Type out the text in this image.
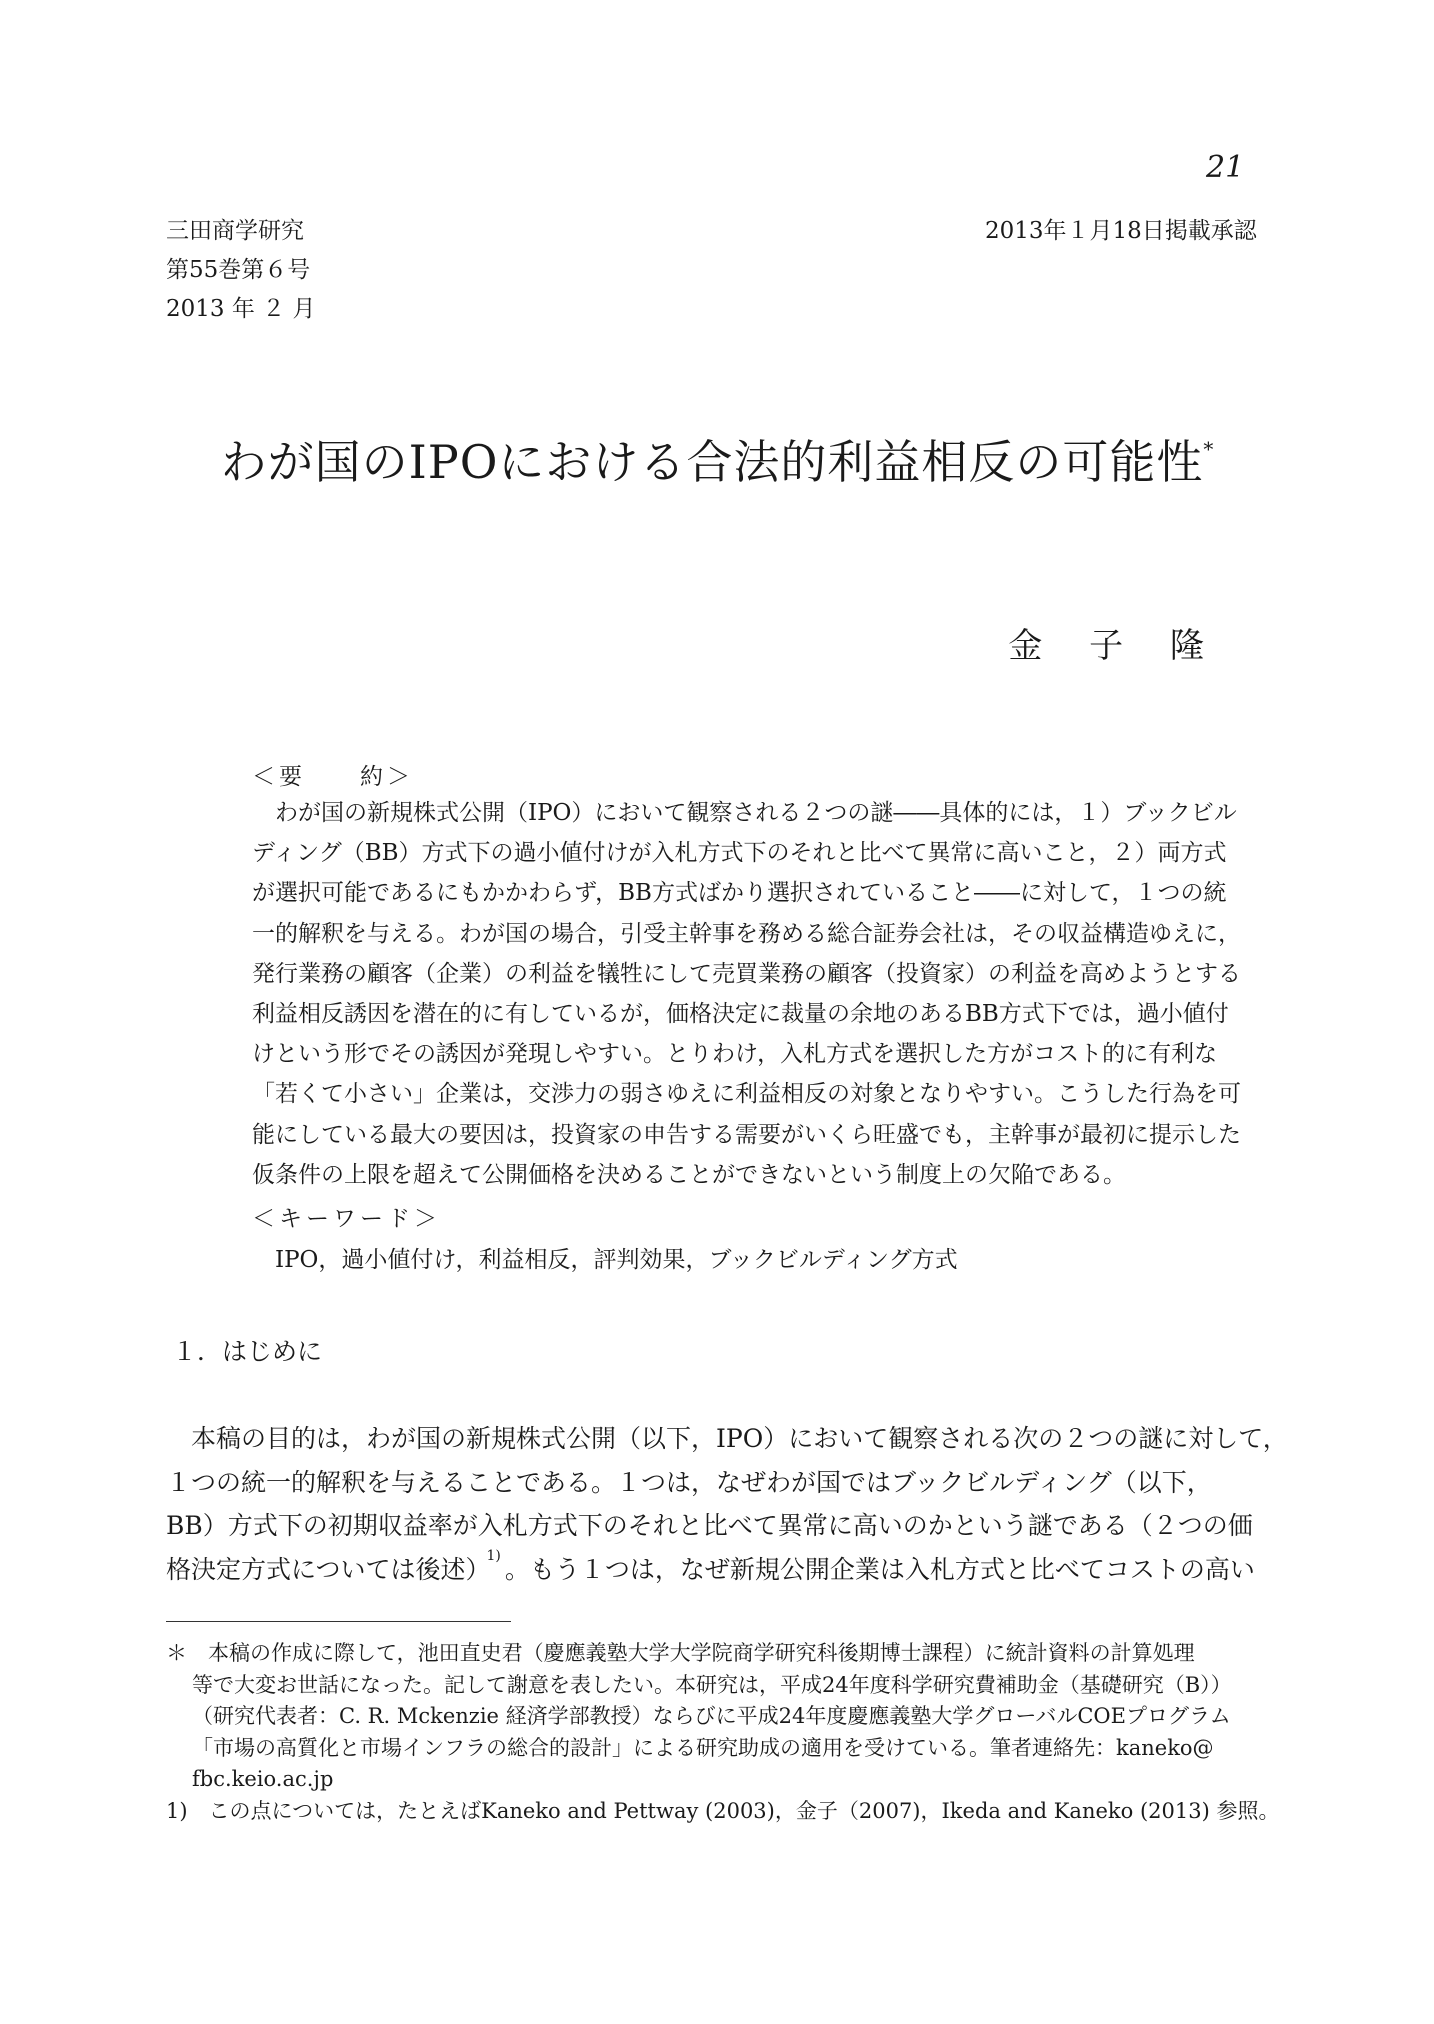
21
三田商学研究
第55巻第６号
2013 年 ２ 月
2013年１月18日掲載承認
わが国のIPOにおける合法的利益相反の可能性*
金 子 隆
＜要　　約＞
わが国の新規株式公開（IPO）において観察される２つの謎――具体的には，１）ブックビル
ディング（BB）方式下の過小値付けが入札方式下のそれと比べて異常に高いこと，２）両方式
が選択可能であるにもかかわらず，BB方式ばかり選択されていること――に対して，１つの統
一的解釈を与える。わが国の場合，引受主幹事を務める総合証券会社は，その収益構造ゆえに，
発行業務の顧客（企業）の利益を犠牲にして売買業務の顧客（投資家）の利益を高めようとする
利益相反誘因を潜在的に有しているが，価格決定に裁量の余地のあるBB方式下では，過小値付
けという形でその誘因が発現しやすい。とりわけ，入札方式を選択した方がコスト的に有利な
「若くて小さい」企業は，交渉力の弱さゆえに利益相反の対象となりやすい。こうした行為を可
能にしている最大の要因は，投資家の申告する需要がいくら旺盛でも，主幹事が最初に提示した
仮条件の上限を超えて公開価格を決めることができないという制度上の欠陥である。
＜キーワード＞
IPO，過小値付け，利益相反，評判効果，ブックビルディング方式
１．はじめに
本稿の目的は，わが国の新規株式公開（以下，IPO）において観察される次の２つの謎に対して，
１つの統一的解釈を与えることである。１つは，なぜわが国ではブックビルディング（以下，
BB）方式下の初期収益率が入札方式下のそれと比べて異常に高いのかという謎である（２つの価
格決定方式については後述）$^{1)}$ 。もう１つは，なぜ新規公開企業は入札方式と比べてコストの高い
＊　本稿の作成に際して，池田直史君（慶應義塾大学大学院商学研究科後期博士課程）に統計資料の計算処理
等で大変お世話になった。記して謝意を表したい。本研究は，平成24年度科学研究費補助金（基礎研究（B））
（研究代表者：C. R. Mckenzie 経済学部教授）ならびに平成24年度慶應義塾大学グローバルCOEプログラム
「市場の高質化と市場インフラの総合的設計」による研究助成の適用を受けている。筆者連絡先：kaneko@
fbc.keio.ac.jp
1)　この点については，たとえばKaneko and Pettway (2003)，金子（2007)，Ikeda and Kaneko (2013) 参照。
